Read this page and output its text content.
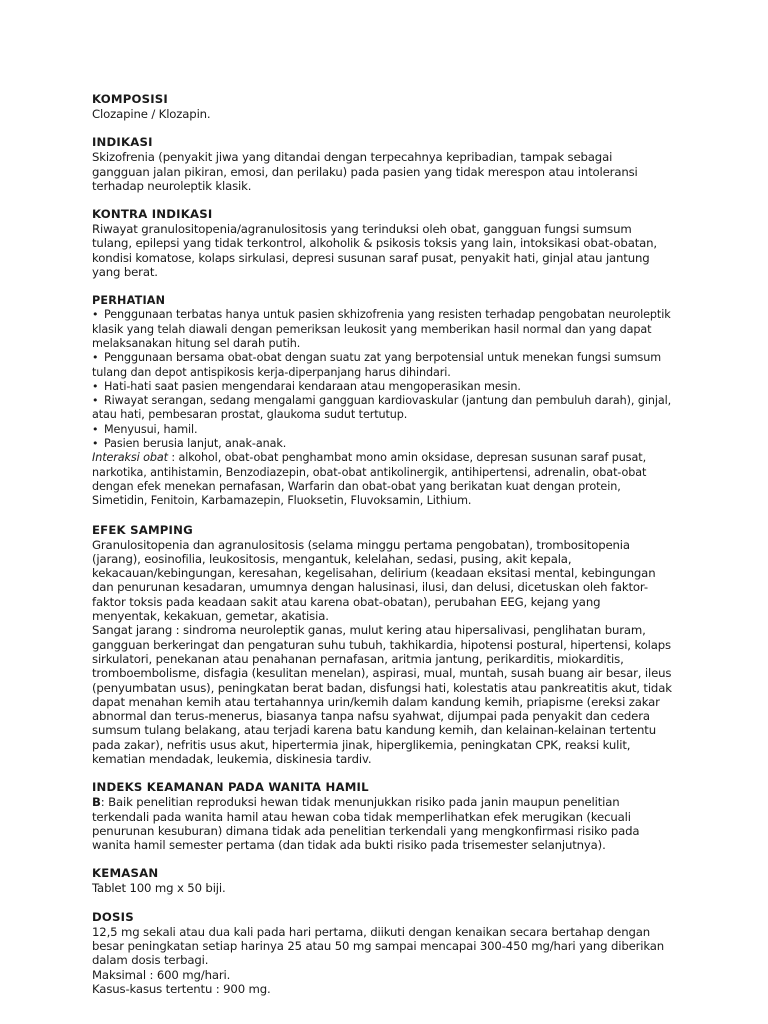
KOMPOSISI

Clozapine / Klozapin.

INDIKASI

Skizofrenia (penyakit jiwa yang ditandai dengan terpecahnya kepribadian, tampak sebagai gangguan jalan pikiran, emosi, dan perilaku) pada pasien yang tidak merespon atau intoleransi terhadap neuroleptik klasik.

KONTRA INDIKASI

Riwayat granulositopenia/agranulositosis yang terinduksi oleh obat, gangguan fungsi sumsum tulang, epilepsi yang tidak terkontrol, alkoholik & psikosis toksis yang lain, intoksikasi obat-obatan, kondisi komatose, kolaps sirkulasi, depresi susunan saraf pusat, penyakit hati, ginjal atau jantung yang berat.

PERHATIAN

• Penggunaan terbatas hanya untuk pasien skhizofrenia yang resisten terhadap pengobatan neuroleptik klasik yang telah diawali dengan pemeriksan leukosit yang memberikan hasil normal dan yang dapat melaksanakan hitung sel darah putih.

• Penggunaan bersama obat-obat dengan suatu zat yang berpotensial untuk menekan fungsi sumsum tulang dan depot antispikosis kerja-diperpanjang harus dihindari.

• Hati-hati saat pasien mengendarai kendaraan atau mengoperasikan mesin.

• Riwayat serangan, sedang mengalami gangguan kardiovaskular (jantung dan pembuluh darah), ginjal, atau hati, pembesaran prostat, glaukoma sudut tertutup.

• Menyusui, hamil.

• Pasien berusia lanjut, anak-anak.

Interaksi obat : alkohol, obat-obat penghambat mono amin oksidase, depresan susunan saraf pusat, narkotika, antihistamin, Benzodiazepin, obat-obat antikolinergik, antihipertensi, adrenalin, obat-obat dengan efek menekan pernafasan, Warfarin dan obat-obat yang berikatan kuat dengan protein, Simetidin, Fenitoin, Karbamazepin, Fluoksetin, Fluvoksamin, Lithium.

EFEK SAMPING

Granulositopenia dan agranulositosis (selama minggu pertama pengobatan), trombositopenia (jarang), eosinofilia, leukositosis, mengantuk, kelelahan, sedasi, pusing, akit kepala, kekacauan/kebingungan, keresahan, kegelisahan, delirium (keadaan eksitasi mental, kebingungan dan penurunan kesadaran, umumnya dengan halusinasi, ilusi, dan delusi, dicetuskan oleh faktor-faktor toksis pada keadaan sakit atau karena obat-obatan), perubahan EEG, kejang yang menyentak, kekakuan, gemetar, akatisia.

Sangat jarang : sindroma neuroleptik ganas, mulut kering atau hipersalivasi, penglihatan buram, gangguan berkeringat dan pengaturan suhu tubuh, takhikardia, hipotensi postural, hipertensi, kolaps sirkulatori, penekanan atau penahanan pernafasan, aritmia jantung, perikarditis, miokarditis, tromboembolisme, disfagia (kesulitan menelan), aspirasi, mual, muntah, susah buang air besar, ileus (penyumbatan usus), peningkatan berat badan, disfungsi hati, kolestatis atau pankreatitis akut, tidak dapat menahan kemih atau tertahannya urin/kemih dalam kandung kemih, priapisme (ereksi zakar abnormal dan terus-menerus, biasanya tanpa nafsu syahwat, dijumpai pada penyakit dan cedera sumsum tulang belakang, atau terjadi karena batu kandung kemih, dan kelainan-kelainan tertentu pada zakar), nefritis usus akut, hipertermia jinak, hiperglikemia, peningkatan CPK, reaksi kulit, kematian mendadak, leukemia, diskinesia tardiv.

INDEKS KEAMANAN PADA WANITA HAMIL

B: Baik penelitian reproduksi hewan tidak menunjukkan risiko pada janin maupun penelitian terkendali pada wanita hamil atau hewan coba tidak memperlihatkan efek merugikan (kecuali penurunan kesuburan) dimana tidak ada penelitian terkendali yang mengkonfirmasi risiko pada wanita hamil semester pertama (dan tidak ada bukti risiko pada trisemester selanjutnya).

KEMASAN

Tablet 100 mg x 50 biji.

DOSIS

12,5 mg sekali atau dua kali pada hari pertama, diikuti dengan kenaikan secara bertahap dengan besar peningkatan setiap harinya 25 atau 50 mg sampai mencapai 300-450 mg/hari yang diberikan dalam dosis terbagi.

Maksimal : 600 mg/hari.

Kasus-kasus tertentu : 900 mg.
